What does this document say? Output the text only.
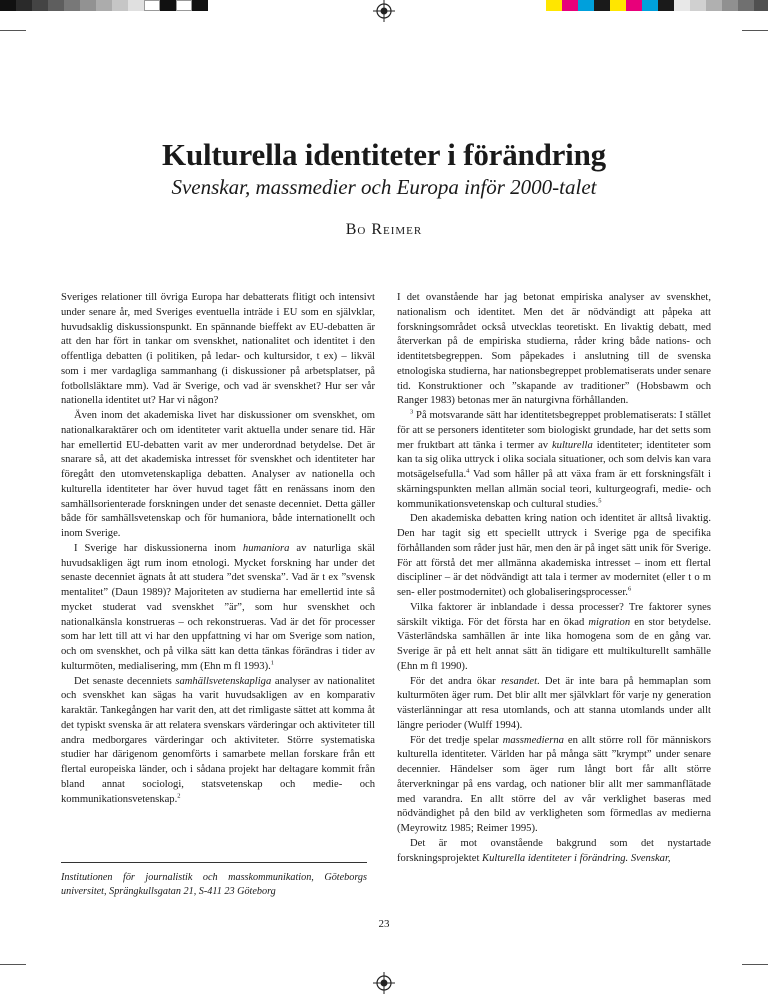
Kulturella identiteter i förändring
Svenskar, massmedier och Europa inför 2000-talet
Bo Reimer

Sveriges relationer till övriga Europa har debatterats flitigt och intensivt under senare år, med Sveriges eventuella inträde i EU som en självklar, huvudsaklig diskussionspunkt. En spännande bieffekt av EU-debatten är att den har fört in tankar om svenskhet, nationalitet och identitet i den offentliga debatten (i politiken, på ledar- och kultursidor, t ex) – likväl som i mer vardagliga sammanhang (i diskussioner på arbetsplatser, på fotbollsläktare mm). Vad är Sverige, och vad är svenskhet? Hur ser vår nationella identitet ut? Har vi någon?

Även inom det akademiska livet har diskussioner om svenskhet, om nationalkaraktärer och om identiteter varit aktuella under senare tid. Här har emellertid EU-debatten varit av mer underordnad betydelse. Det är snarare så, att det akademiska intresset för svenskhet och identiteter har föregått den utomvetenskapliga debatten. Analyser av nationella och kulturella identiteter har över huvud taget fått en renässans inom den samhällsorienterade forskningen under det senaste decenniet. Detta gäller både för samhällsvetenskap och för humaniora, både internationellt och inom Sverige.

I Sverige har diskussionerna inom humaniora av naturliga skäl huvudsakligen ägt rum inom etnologi. Mycket forskning har under det senaste decenniet ägnats åt att studera ”det svenska”. Vad är t ex ”svensk mentalitet” (Daun 1989)? Majoriteten av studierna har emellertid inte så mycket studerat vad svenskhet ”är”, som hur svenskhet och nationalkänsla konstrueras – och rekonstrueras. Vad är det för processer som har lett till att vi har den uppfattning vi har om Sverige som nation, och om svenskhet, och på vilka sätt kan detta tänkas förändras i tider av kulturmöten, medialisering, mm (Ehn m fl 1993).$^1$

Det senaste decenniets samhällsvetenskapliga analyser av nationalitet och svenskhet kan sägas ha varit huvudsakligen av en komparativ karaktär. Tankegången har varit den, att det rimligaste sättet att komma åt det typiskt svenska är att relatera svenskars värderingar och aktiviteter till andra medborgares värderingar och aktiviteter. Större systematiska studier har därigenom genomförts i samarbete mellan forskare från ett flertal europeiska länder, och i sådana projekt har deltagare kommit från bland annat sociologi, statsvetenskap och medie- och kommunikationsvetenskap.$^2$

I det ovanstående har jag betonat empiriska analyser av svenskhet, nationalism och identitet. Men det är nödvändigt att påpeka att forskningsområdet också utvecklas teoretiskt. En livaktig debatt, med återverkan på de empiriska studierna, råder kring både nations- och identitetsbegreppen. Som påpekades i anslutning till de svenska etnologiska studierna, har nationsbegreppet problematiserats under senare tid. Konstruktioner och ”skapande av traditioner” (Hobsbawm och Ranger 1983) betonas mer än naturgivna förhållanden.

$^3$ På motsvarande sätt har identitetsbegreppet problematiserats: I stället för att se personers identiteter som biologiskt grundade, har det setts som mer fruktbart att tänka i termer av kulturella identiteter; identiteter som kan ta sig olika uttryck i olika sociala situationer, och som delvis kan vara motsägelsefulla.$^4$ Vad som håller på att växa fram är ett forskningsfält i skärningspunkten mellan allmän social teori, kulturgeografi, medie- och kommunikationsvetenskap och cultural studies.$^5$

Den akademiska debatten kring nation och identitet är alltså livaktig. Den har tagit sig ett speciellt uttryck i Sverige pga de specifika förhållanden som råder just här, men den är på inget sätt unik för Sverige. För att förstå det mer allmänna akademiska intresset – inom ett flertal discipliner – är det nödvändigt att tala i termer av modernitet (eller t o m sen- eller postmodernitet) och globaliseringsprocesser.$^6$

Vilka faktorer är inblandade i dessa processer? Tre faktorer synes särskilt viktiga. För det första har en ökad migration en stor betydelse. Västerländska samhällen är inte lika homogena som de en gång var. Sverige är på ett helt annat sätt än tidigare ett multikulturellt samhälle (Ehn m fl 1990).

För det andra ökar resandet. Det är inte bara på hemmaplan som kulturmöten äger rum. Det blir allt mer självklart för varje ny generation västerlänningar att resa utomlands, och att stanna utomlands under allt längre perioder (Wulff 1994).

För det tredje spelar massmedierna en allt större roll för människors kulturella identiteter. Världen har på många sätt ”krympt” under senare decennier. Händelser som äger rum långt bort får allt större återverkningar på ens vardag, och nationer blir allt mer sammanflätade med varandra. En allt större del av vår verklighet baseras med nödvändighet på den bild av verkligheten som förmedlas av medierna (Meyrowitz 1985; Reimer 1995).

Det är mot ovanstående bakgrund som det nystartade forskningsprojektet Kulturella identiteter i förändring. Svenskar,

Institutionen för journalistik och masskommunikation, Göteborgs universitet, Sprängkullsgatan 21, S-411 23 Göteborg
23
